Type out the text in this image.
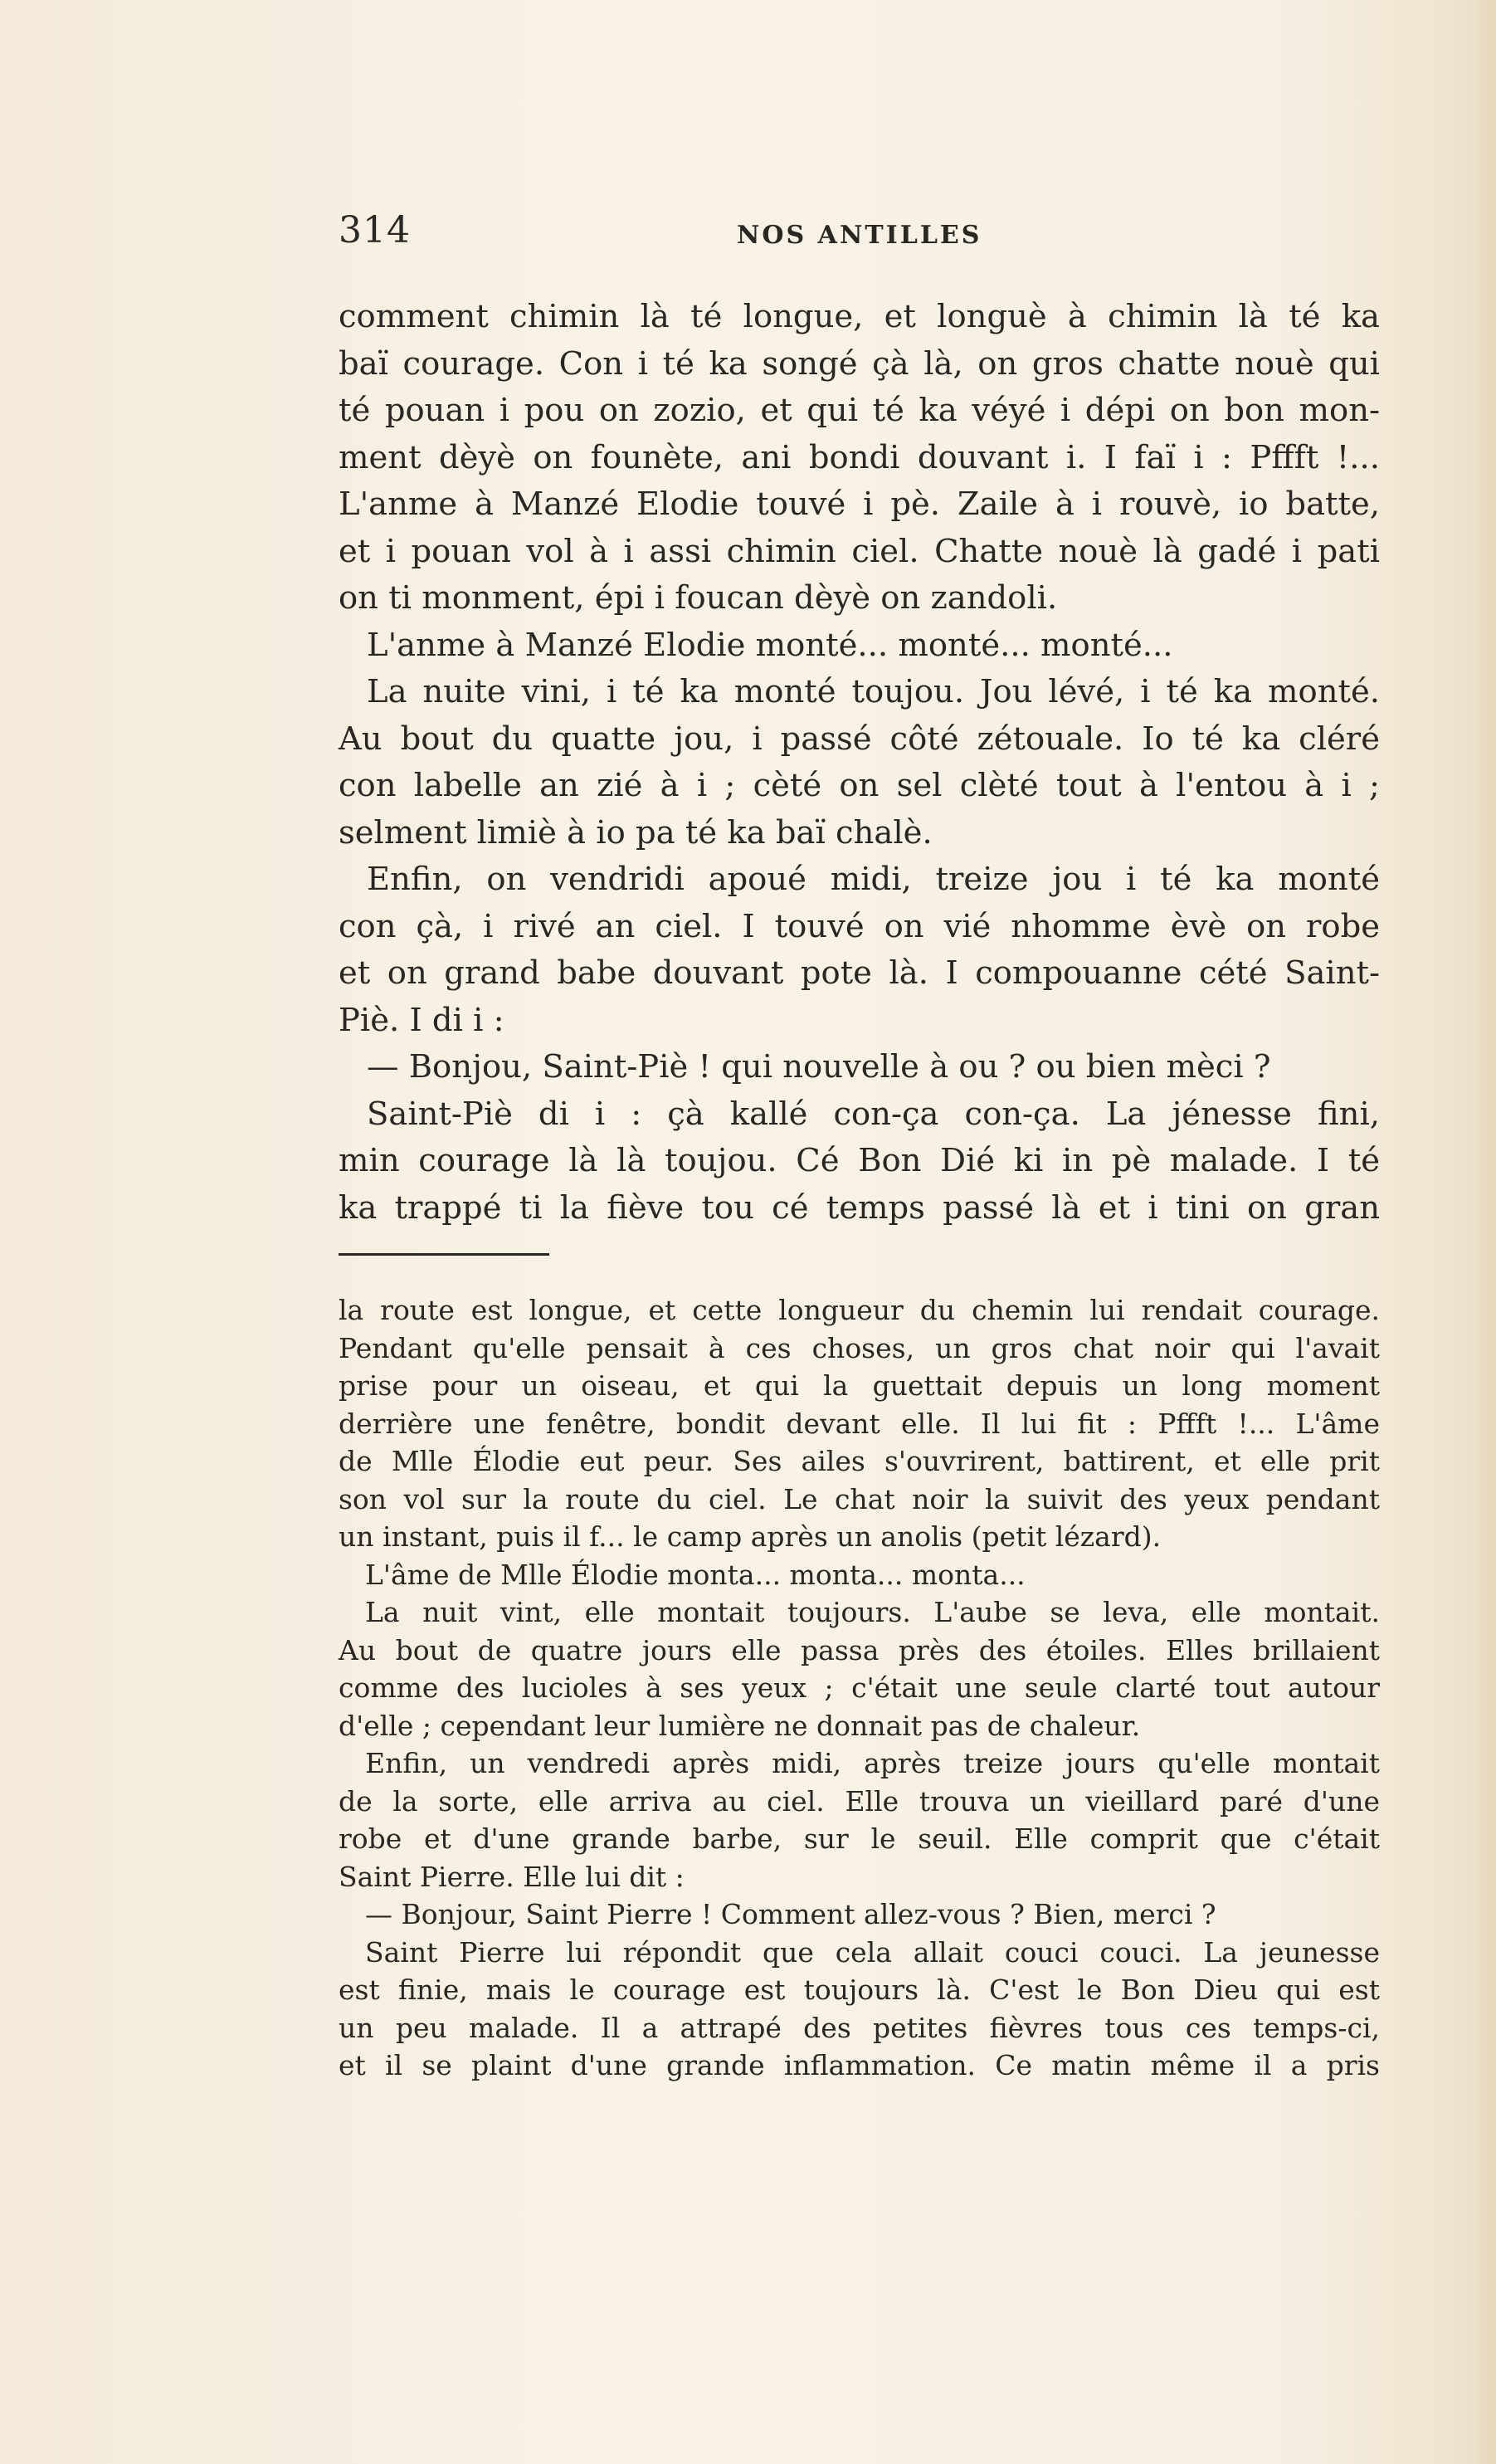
314	NOS ANTILLES
comment chimin là té longue, et longuè à chimin là té ka
baï courage. Con i té ka songé çà là, on gros chatte nouè qui
té pouan i pou on zozio, et qui té ka véyé i dépi on bon mon-
ment dèyè on founète, ani bondi douvant i. I faï i : Pffft !...
L'anme à Manzé Elodie touvé i pè. Zaile à i rouvè, io batte,
et i pouan vol à i assi chimin ciel. Chatte nouè là gadé i pati
on ti monment, épi i foucan dèyè on zandoli.
L'anme à Manzé Elodie monté... monté... monté...
La nuite vini, i té ka monté toujou. Jou lévé, i té ka monté.
Au bout du quatte jou, i passé côté zétouale. Io té ka cléré
con labelle an zié à i ; cèté on sel clèté tout à l'entou à i ;
selment limiè à io pa té ka baï chalè.
Enfin, on vendridi apoué midi, treize jou i té ka monté
con çà, i rivé an ciel. I touvé on vié nhomme èvè on robe
et on grand babe douvant pote là. I compouanne cété Saint-
Piè. I di i :
— Bonjou, Saint-Piè ! qui nouvelle à ou ? ou bien mèci ?
Saint-Piè di i : çà kallé con-ça con-ça. La jénesse fini,
min courage là là toujou. Cé Bon Dié ki in pè malade. I té
ka trappé ti la fiève tou cé temps passé là et i tini on gran
la route est longue, et cette longueur du chemin lui rendait courage.
Pendant qu'elle pensait à ces choses, un gros chat noir qui l'avait
prise pour un oiseau, et qui la guettait depuis un long moment
derrière une fenêtre, bondit devant elle. Il lui fit : Pffft !... L'âme
de Mlle Élodie eut peur. Ses ailes s'ouvrirent, battirent, et elle prit
son vol sur la route du ciel. Le chat noir la suivit des yeux pendant
un instant, puis il f... le camp après un anolis (petit lézard).
L'âme de Mlle Élodie monta... monta... monta...
La nuit vint, elle montait toujours. L'aube se leva, elle montait.
Au bout de quatre jours elle passa près des étoiles. Elles brillaient
comme des lucioles à ses yeux ; c'était une seule clarté tout autour
d'elle ; cependant leur lumière ne donnait pas de chaleur.
Enfin, un vendredi après midi, après treize jours qu'elle montait
de la sorte, elle arriva au ciel. Elle trouva un vieillard paré d'une
robe et d'une grande barbe, sur le seuil. Elle comprit que c'était
Saint Pierre. Elle lui dit :
— Bonjour, Saint Pierre ! Comment allez-vous ? Bien, merci ?
Saint Pierre lui répondit que cela allait couci couci. La jeunesse
est finie, mais le courage est toujours là. C'est le Bon Dieu qui est
un peu malade. Il a attrapé des petites fièvres tous ces temps-ci,
et il se plaint d'une grande inflammation. Ce matin même il a pris
